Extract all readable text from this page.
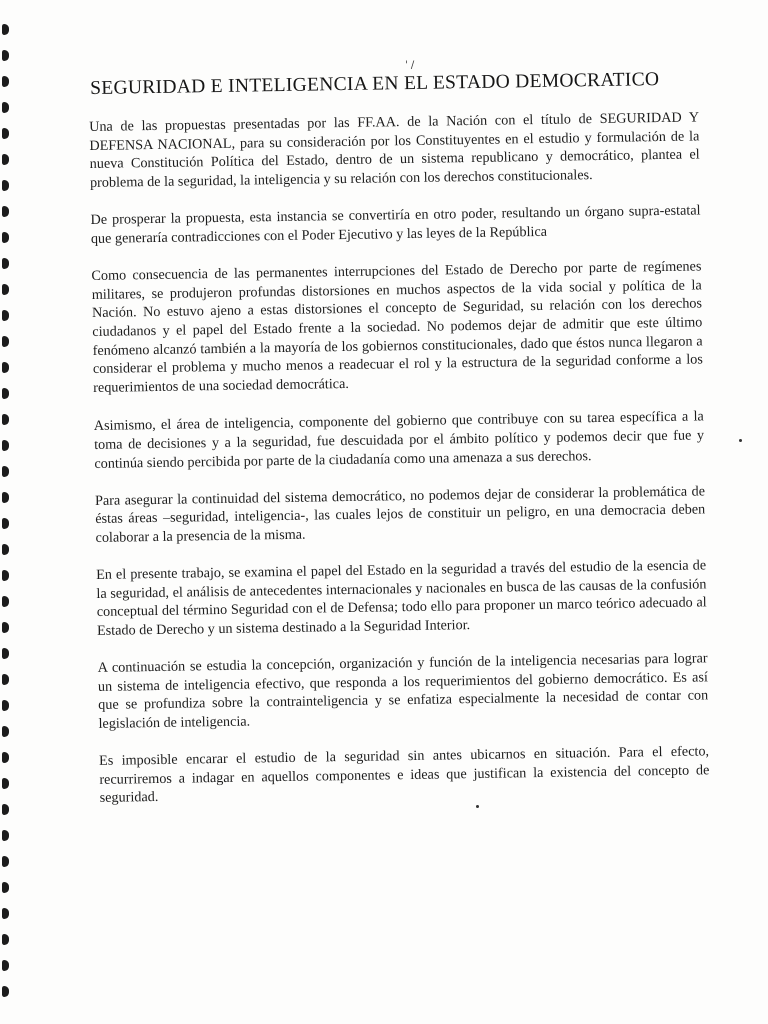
' /
SEGURIDAD E INTELIGENCIA EN EL ESTADO DEMOCRATICO

Una de las propuestas presentadas por las FF.AA. de la Nación con el título de SEGURIDAD Y DEFENSA NACIONAL, para su consideración por los Constituyentes en el estudio y formulación de la nueva Constitución Política del Estado, dentro de un sistema republicano y democrático, plantea el problema de la seguridad, la inteligencia y su relación con los derechos constitucionales.

De prosperar la propuesta, esta instancia se convertiría en otro poder, resultando un órgano supra-estatal que generaría contradicciones con el Poder Ejecutivo y las leyes de la República

Como consecuencia de las permanentes interrupciones del Estado de Derecho por parte de regímenes militares, se produjeron profundas distorsiones en muchos aspectos de la vida social y política de la Nación. No estuvo ajeno a estas distorsiones el concepto de Seguridad, su relación con los derechos ciudadanos y el papel del Estado frente a la sociedad. No podemos dejar de admitir que este último fenómeno alcanzó también a la mayoría de los gobiernos constitucionales, dado que éstos nunca llegaron a considerar el problema y mucho menos a readecuar el rol y la estructura de la seguridad conforme a los requerimientos de una sociedad democrática.

Asimismo, el área de inteligencia, componente del gobierno que contribuye con su tarea específica a la toma de decisiones y a la seguridad, fue descuidada por el ámbito político y podemos decir que fue y continúa siendo percibida por parte de la ciudadanía como una amenaza a sus derechos.

Para asegurar la continuidad del sistema democrático, no podemos dejar de considerar la problemática de éstas áreas –seguridad, inteligencia-, las cuales lejos de constituir un peligro, en una democracia deben colaborar a la presencia de la misma.

En el presente trabajo, se examina el papel del Estado en la seguridad a través del estudio de la esencia de la seguridad, el análisis de antecedentes internacionales y nacionales en busca de las causas de la confusión conceptual del término Seguridad con el de Defensa; todo ello para proponer un marco teórico adecuado al Estado de Derecho y un sistema destinado a la Seguridad Interior.

A continuación se estudia la concepción, organización y función de la inteligencia necesarias para lograr un sistema de inteligencia efectivo, que responda a los requerimientos del gobierno democrático. Es así que se profundiza sobre la contrainteligencia y se enfatiza especialmente la necesidad de contar con legislación de inteligencia.

Es imposible encarar el estudio de la seguridad sin antes ubicarnos en situación. Para el efecto, recurriremos a indagar en aquellos componentes e ideas que justifican la existencia del concepto de seguridad.
